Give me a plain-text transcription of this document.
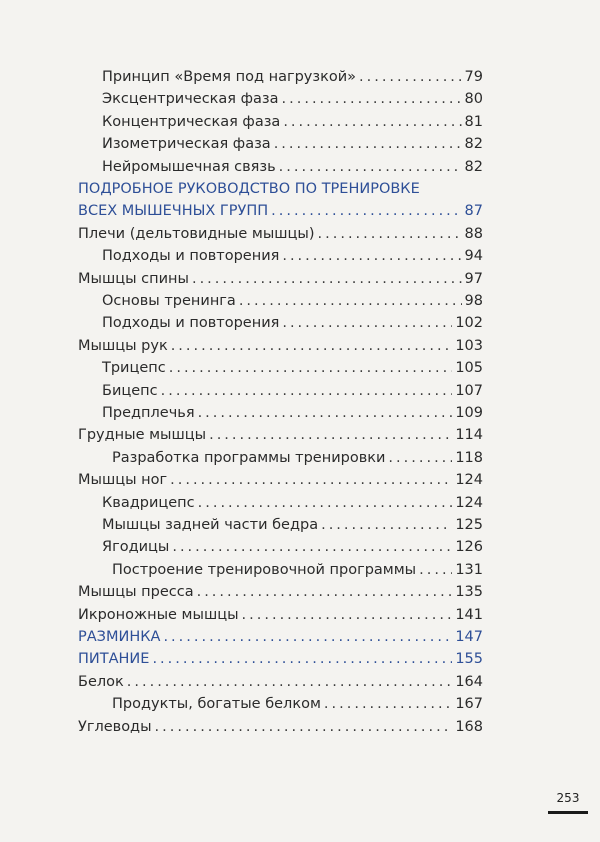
Принцип «Время под нагрузкой» .....	79
Эксцентрическая фаза .....	80
Концентрическая фаза .....	81
Изометрическая фаза .....	82
Нейромышечная связь .....	82
ПОДРОБНОЕ РУКОВОДСТВО ПО ТРЕНИРОВКЕ
ВСЕХ МЫШЕЧНЫХ ГРУПП .....	87
Плечи (дельтовидные мышцы) .....	88
Подходы и повторения .....	94
Мышцы спины .....	97
Основы тренинга .....	98
Подходы и повторения .....	102
Мышцы рук .....	103
Трицепс .....	105
Бицепс .....	107
Предплечья .....	109
Грудные мышцы .....	114
Разработка программы тренировки .....	118
Мышцы ног .....	124
Квадрицепс .....	124
Мышцы задней части бедра .....	125
Ягодицы .....	126
Построение тренировочной программы .....	131
Мышцы пресса .....	135
Икроножные мышцы .....	141
РАЗМИНКА .....	147
ПИТАНИЕ .....	155
Белок .....	164
Продукты, богатые белком .....	167
Углеводы .....	168
253
